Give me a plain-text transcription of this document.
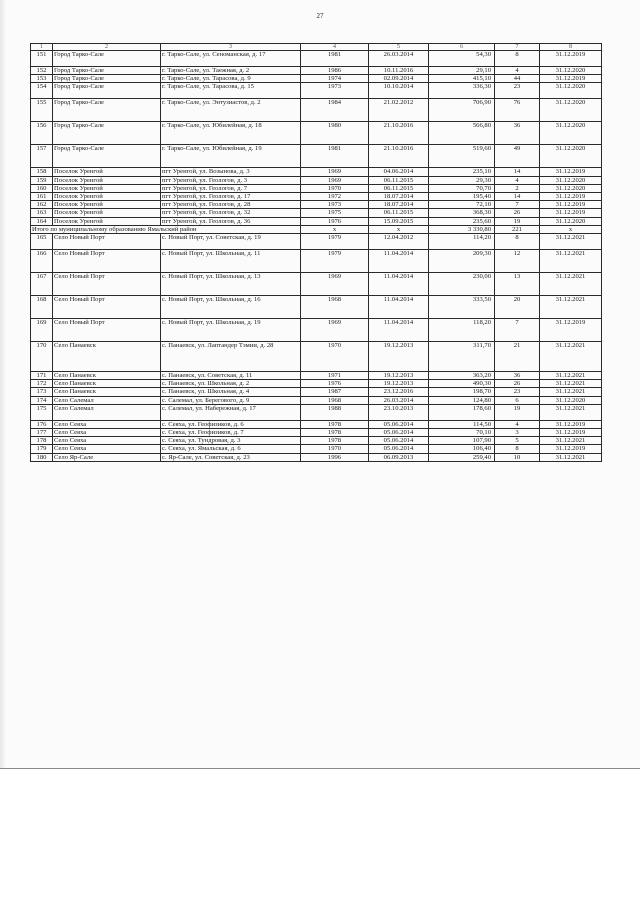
27
1	2	3	4	5	6	7	8
151	Город Тарко-Сале	г. Тарко-Сале, ул. Сеноманская, д. 17	1981	26.03.2014	54,30	8	31.12.2019
152	Город Тарко-Сале	г. Тарко-Сале, ул. Таежная, д. 2	1986	10.11.2016	29,10	4	31.12.2020
153	Город Тарко-Сале	г. Тарко-Сале, ул. Тарасова, д. 9	1974	02.09.2014	415,10	44	31.12.2019
154	Город Тарко-Сале	г. Тарко-Сале, ул. Тарасова, д. 15	1973	10.10.2014	336,30	23	31.12.2020
155	Город Тарко-Сале	г. Тарко-Сале, ул. Энтузиастов, д. 2	1984	21.02.2012	706,90	76	31.12.2020
156	Город Тарко-Сале	г. Тарко-Сале, ул. Юбилейная, д. 18	1980	21.10.2016	566,80	36	31.12.2020
157	Город Тарко-Сале	г. Тарко-Сале, ул. Юбилейная, д. 19	1981	21.10.2016	519,60	49	31.12.2020
158	Поселок Уренгой	пгт Уренгой, ул. Возынова, д. 3	1969	04.06.2014	235,10	14	31.12.2019
159	Поселок Уренгой	пгт Уренгой, ул. Геологов, д. 3	1969	06.11.2015	29,30	4	31.12.2020
160	Поселок Уренгой	пгт Уренгой, ул. Геологов, д. 7	1970	06.11.2015	70,70	2	31.12.2020
161	Поселок Уренгой	пгт Уренгой, ул. Геологов, д. 17	1972	18.07.2014	195,40	14	31.12.2019
162	Поселок Уренгой	пгт Уренгой, ул. Геологов, д. 28	1973	18.07.2014	72,10	7	31.12.2019
163	Поселок Уренгой	пгт Уренгой, ул. Геологов, д. 32	1975	06.11.2015	368,30	26	31.12.2019
164	Поселок Уренгой	пгт Уренгой, ул. Геологов, д. 36	1976	15.09.2015	235,60	19	31.12.2020
Итого по муниципальному образованию Ямальский район			х	х	3 330,80	221	х
165	Село Новый Порт	с. Новый Порт, ул. Советская, д. 19	1979	12.04.2012	114,20	8	31.12.2021
166	Село Новый Порт	с. Новый Порт, ул. Школьная, д. 11	1979	11.04.2014	209,30	12	31.12.2021
167	Село Новый Порт	с. Новый Порт, ул. Школьная, д. 13	1969	11.04.2014	230,00	13	31.12.2021
168	Село Новый Порт	с. Новый Порт, ул. Школьная, д. 16	1968	11.04.2014	333,50	20	31.12.2021
169	Село Новый Порт	с. Новый Порт, ул. Школьная, д. 19	1969	11.04.2014	118,20	7	31.12.2019
170	Село Панаевск	с. Панаевск, ул. Лаптандер Тэмии, д. 28	1970	19.12.2013	311,70	21	31.12.2021
171	Село Панаевск	с. Панаевск, ул. Советская, д. 11	1971	19.12.2013	363,20	36	31.12.2021
172	Село Панаевск	с. Панаевск, ул. Школьная, д. 2	1976	19.12.2013	490,30	26	31.12.2021
173	Село Панаевск	с. Панаевск, ул. Школьная, д. 4	1987	23.12.2016	198,70	23	31.12.2021
174	Село Салемал	с. Салемал, ул. Берегового, д. 9	1968	26.03.2014	124,80	6	31.12.2020
175	Село Салемал	с. Салемал, ул. Набережная, д. 17	1988	23.10.2013	178,60	19	31.12.2021
176	Село Сеяха	с. Сеяха, ул. Геофизиков, д. 6	1978	05.06.2014	114,50	4	31.12.2019
177	Село Сеяха	с. Сеяха, ул. Геофизиков, д. 7	1978	05.06.2014	70,10	3	31.12.2019
178	Село Сеяха	с. Сеяха, ул. Тундровая, д. 3	1978	05.06.2014	107,90	5	31.12.2021
179	Село Сеяха	с. Сеяха, ул. Ямальская, д. 6	1970	05.06.2014	106,40	8	31.12.2019
180	Село Яр-Сале	с. Яр-Сале, ул. Советская, д. 23	1996	06.09.2013	259,40	10	31.12.2021
